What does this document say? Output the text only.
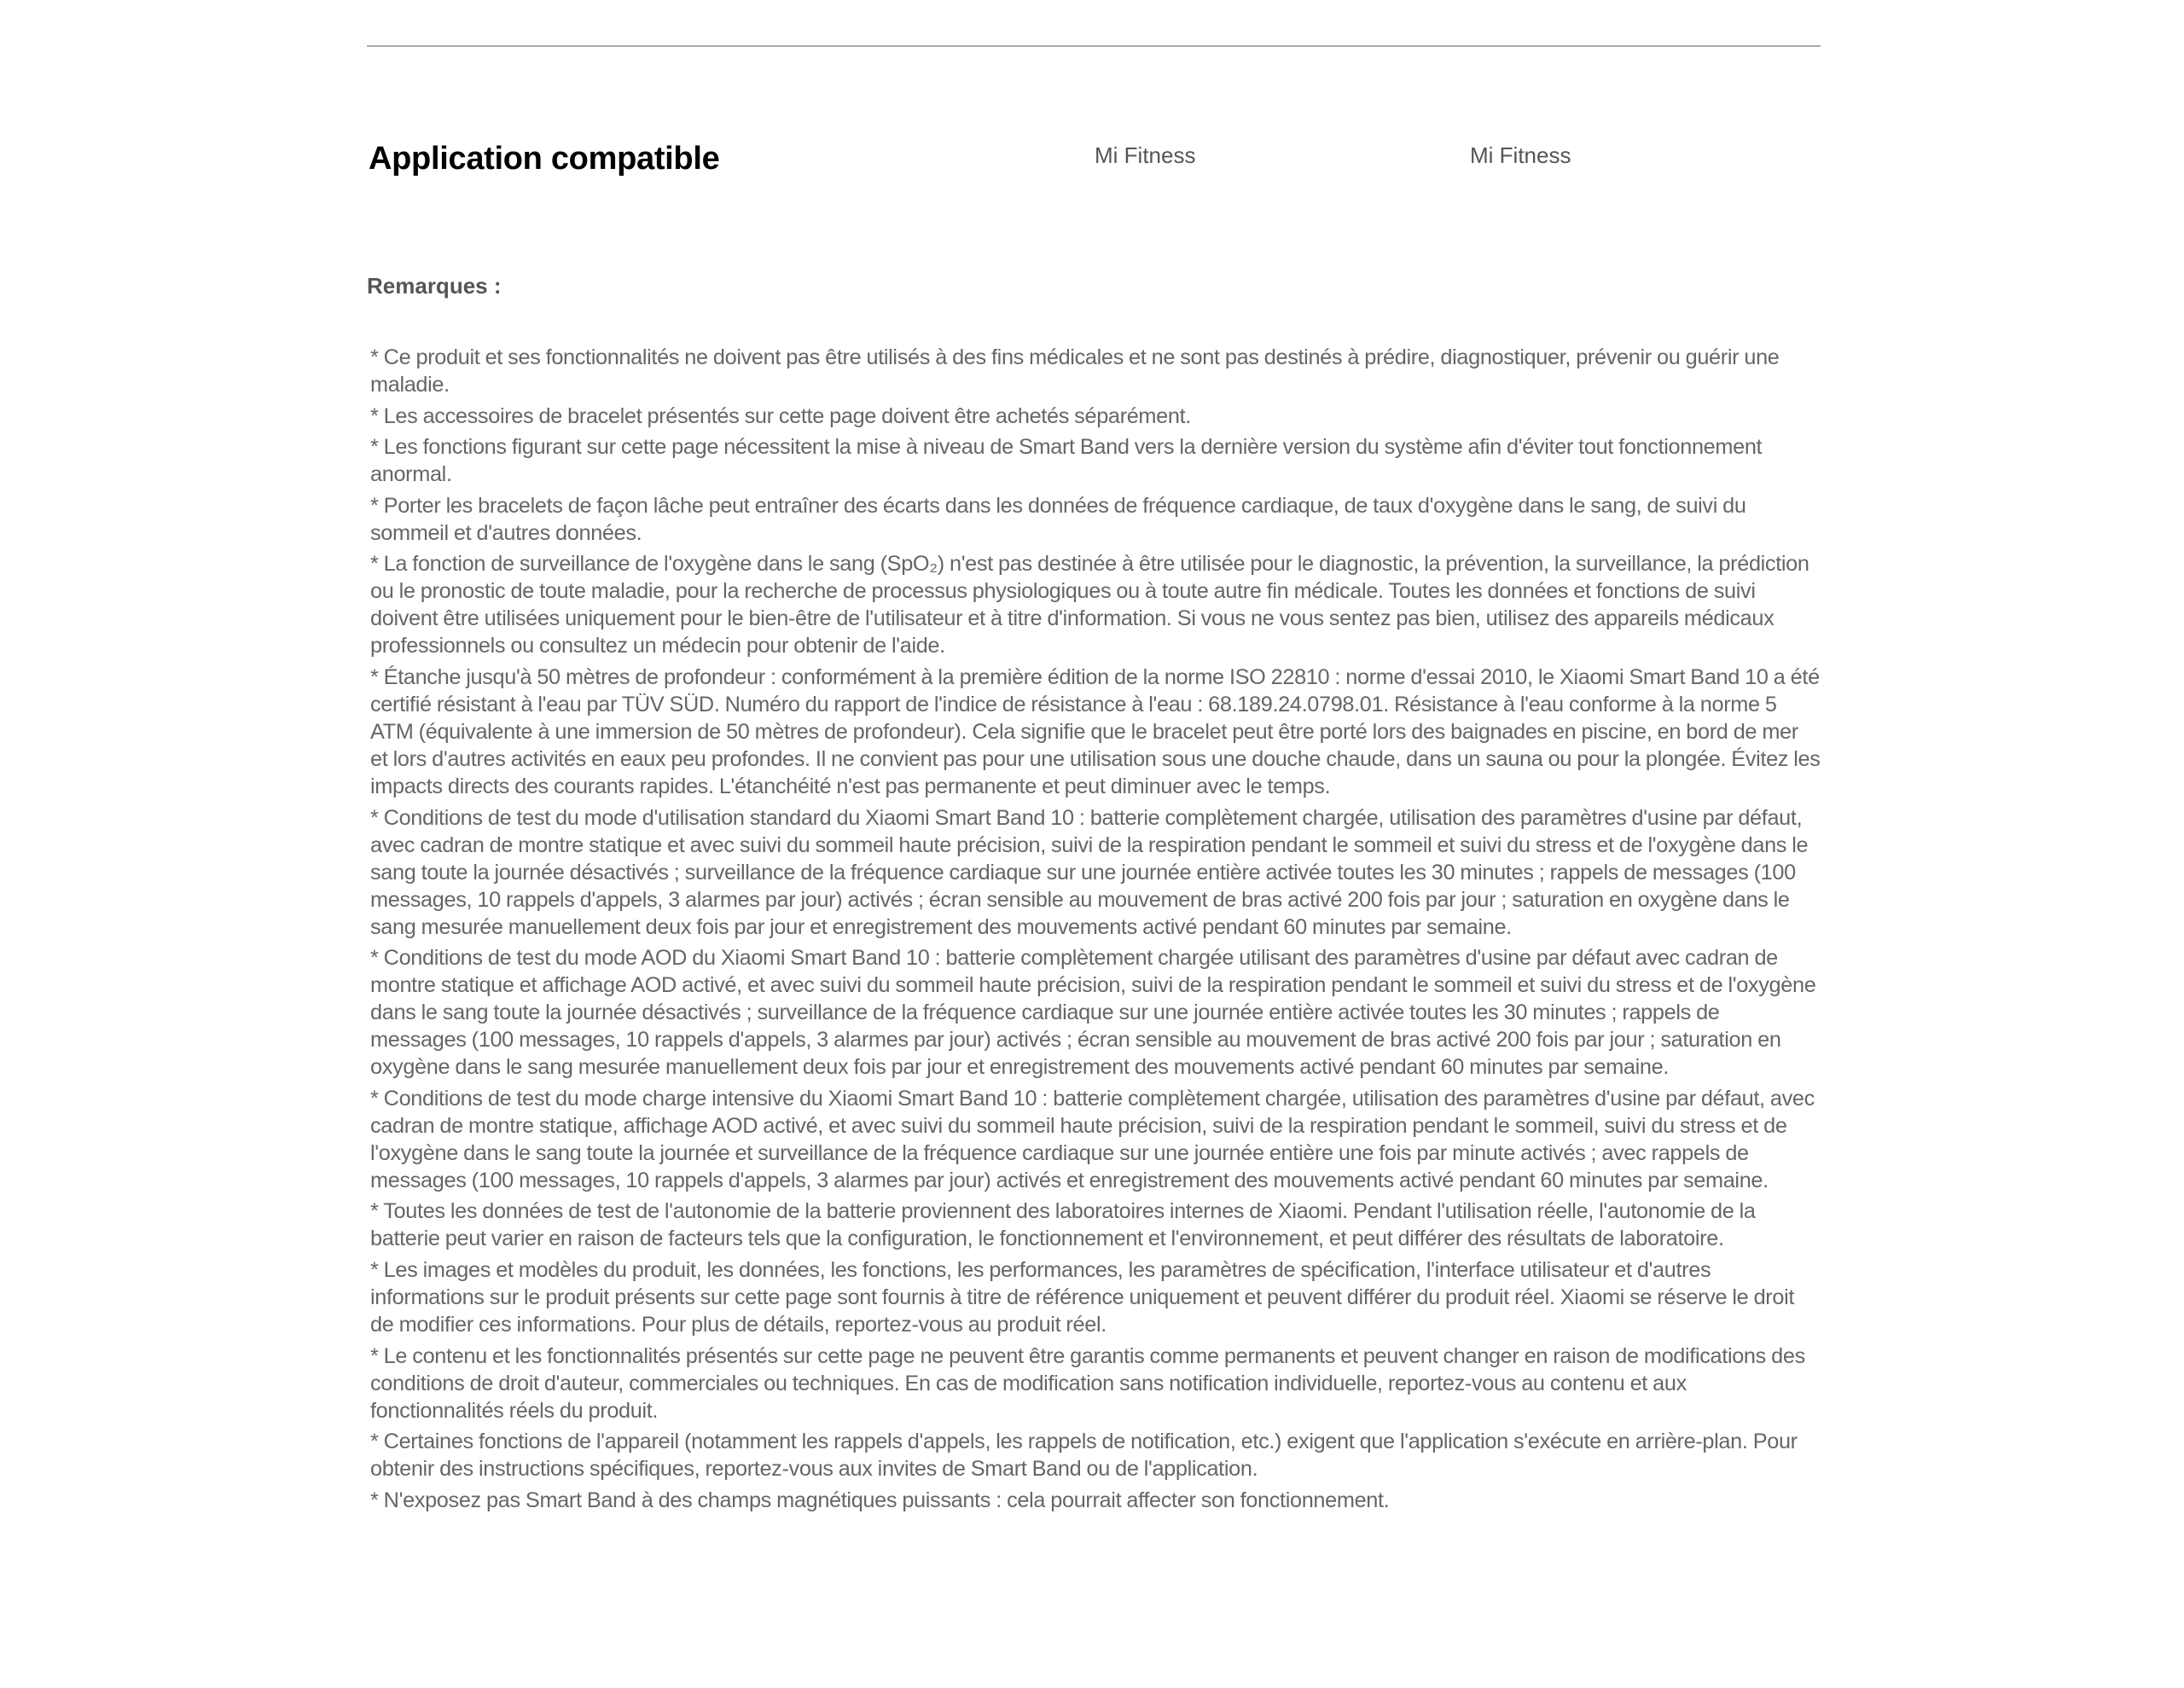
Application compatible	Mi Fitness	Mi Fitness
Remarques :
* Ce produit et ses fonctionnalités ne doivent pas être utilisés à des fins médicales et ne sont pas destinés à prédire, diagnostiquer, prévenir ou guérir une maladie.
* Les accessoires de bracelet présentés sur cette page doivent être achetés séparément.
* Les fonctions figurant sur cette page nécessitent la mise à niveau de Smart Band vers la dernière version du système afin d'éviter tout fonctionnement anormal.
* Porter les bracelets de façon lâche peut entraîner des écarts dans les données de fréquence cardiaque, de taux d'oxygène dans le sang, de suivi du sommeil et d'autres données.
* La fonction de surveillance de l'oxygène dans le sang (SpO₂) n'est pas destinée à être utilisée pour le diagnostic, la prévention, la surveillance, la prédiction ou le pronostic de toute maladie, pour la recherche de processus physiologiques ou à toute autre fin médicale. Toutes les données et fonctions de suivi doivent être utilisées uniquement pour le bien-être de l'utilisateur et à titre d'information. Si vous ne vous sentez pas bien, utilisez des appareils médicaux professionnels ou consultez un médecin pour obtenir de l'aide.
* Étanche jusqu'à 50 mètres de profondeur : conformément à la première édition de la norme ISO 22810 : norme d'essai 2010, le Xiaomi Smart Band 10 a été certifié résistant à l'eau par TÜV SÜD. Numéro du rapport de l'indice de résistance à l'eau : 68.189.24.0798.01. Résistance à l'eau conforme à la norme 5 ATM (équivalente à une immersion de 50 mètres de profondeur). Cela signifie que le bracelet peut être porté lors des baignades en piscine, en bord de mer et lors d'autres activités en eaux peu profondes. Il ne convient pas pour une utilisation sous une douche chaude, dans un sauna ou pour la plongée. Évitez les impacts directs des courants rapides. L'étanchéité n'est pas permanente et peut diminuer avec le temps.
* Conditions de test du mode d'utilisation standard du Xiaomi Smart Band 10 : batterie complètement chargée, utilisation des paramètres d'usine par défaut, avec cadran de montre statique et avec suivi du sommeil haute précision, suivi de la respiration pendant le sommeil et suivi du stress et de l'oxygène dans le sang toute la journée désactivés ; surveillance de la fréquence cardiaque sur une journée entière activée toutes les 30 minutes ; rappels de messages (100 messages, 10 rappels d'appels, 3 alarmes par jour) activés ; écran sensible au mouvement de bras activé 200 fois par jour ; saturation en oxygène dans le sang mesurée manuellement deux fois par jour et enregistrement des mouvements activé pendant 60 minutes par semaine.
* Conditions de test du mode AOD du Xiaomi Smart Band 10 : batterie complètement chargée utilisant des paramètres d'usine par défaut avec cadran de montre statique et affichage AOD activé, et avec suivi du sommeil haute précision, suivi de la respiration pendant le sommeil et suivi du stress et de l'oxygène dans le sang toute la journée désactivés ; surveillance de la fréquence cardiaque sur une journée entière activée toutes les 30 minutes ; rappels de messages (100 messages, 10 rappels d'appels, 3 alarmes par jour) activés ; écran sensible au mouvement de bras activé 200 fois par jour ; saturation en oxygène dans le sang mesurée manuellement deux fois par jour et enregistrement des mouvements activé pendant 60 minutes par semaine.
* Conditions de test du mode charge intensive du Xiaomi Smart Band 10 : batterie complètement chargée, utilisation des paramètres d'usine par défaut, avec cadran de montre statique, affichage AOD activé, et avec suivi du sommeil haute précision, suivi de la respiration pendant le sommeil, suivi du stress et de l'oxygène dans le sang toute la journée et surveillance de la fréquence cardiaque sur une journée entière une fois par minute activés ; avec rappels de messages (100 messages, 10 rappels d'appels, 3 alarmes par jour) activés et enregistrement des mouvements activé pendant 60 minutes par semaine.
* Toutes les données de test de l'autonomie de la batterie proviennent des laboratoires internes de Xiaomi. Pendant l'utilisation réelle, l'autonomie de la batterie peut varier en raison de facteurs tels que la configuration, le fonctionnement et l'environnement, et peut différer des résultats de laboratoire.
* Les images et modèles du produit, les données, les fonctions, les performances, les paramètres de spécification, l'interface utilisateur et d'autres informations sur le produit présents sur cette page sont fournis à titre de référence uniquement et peuvent différer du produit réel. Xiaomi se réserve le droit de modifier ces informations. Pour plus de détails, reportez-vous au produit réel.
* Le contenu et les fonctionnalités présentés sur cette page ne peuvent être garantis comme permanents et peuvent changer en raison de modifications des conditions de droit d'auteur, commerciales ou techniques. En cas de modification sans notification individuelle, reportez-vous au contenu et aux fonctionnalités réels du produit.
* Certaines fonctions de l'appareil (notamment les rappels d'appels, les rappels de notification, etc.) exigent que l'application s'exécute en arrière-plan. Pour obtenir des instructions spécifiques, reportez-vous aux invites de Smart Band ou de l'application.
* N'exposez pas Smart Band à des champs magnétiques puissants : cela pourrait affecter son fonctionnement.
